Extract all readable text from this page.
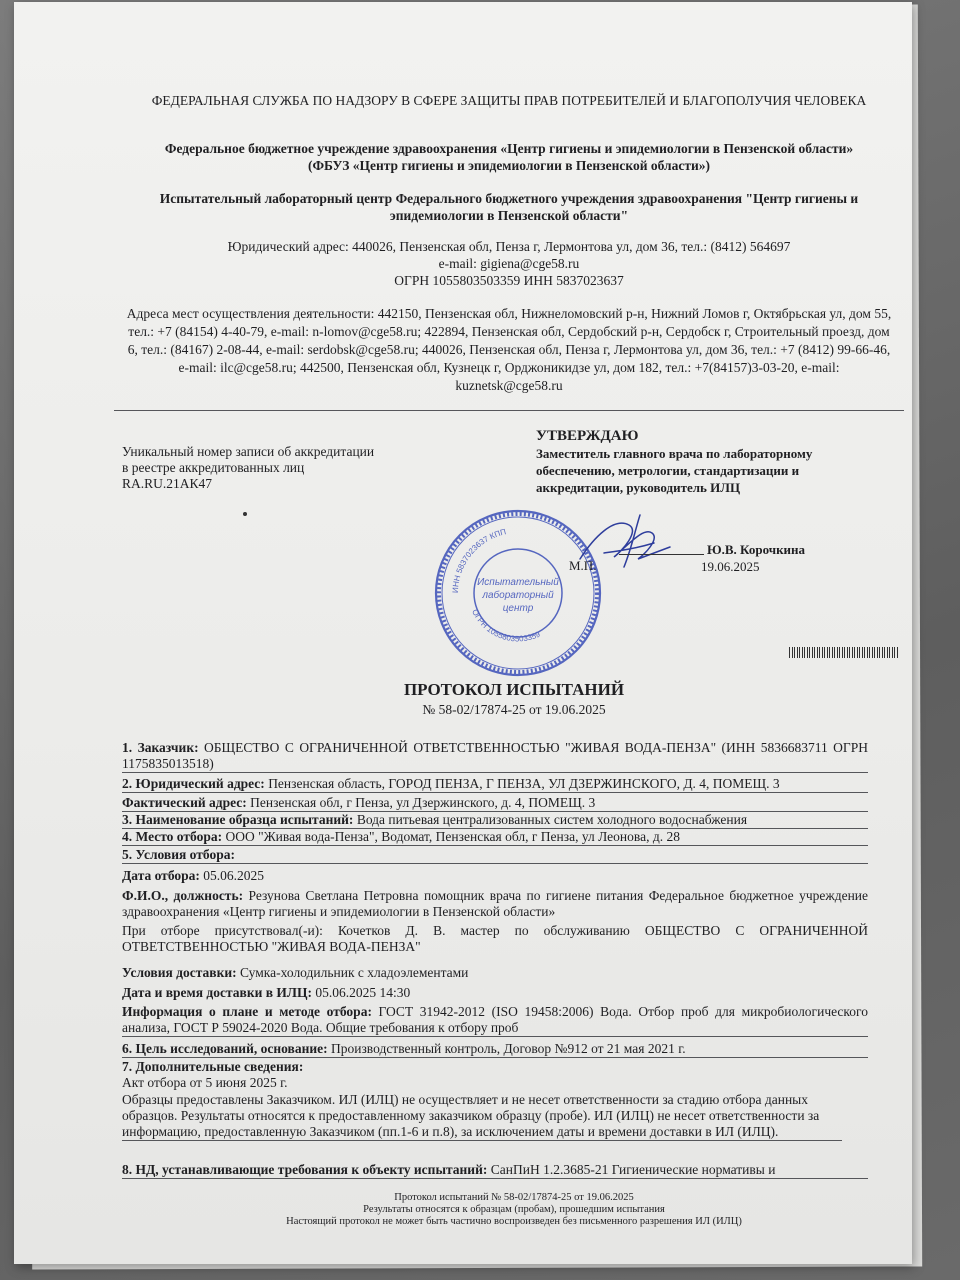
ФЕДЕРАЛЬНАЯ СЛУЖБА ПО НАДЗОРУ В СФЕРЕ ЗАЩИТЫ ПРАВ ПОТРЕБИТЕЛЕЙ И БЛАГОПОЛУЧИЯ ЧЕЛОВЕКА
Федеральное бюджетное учреждение здравоохранения «Центр гигиены и эпидемиологии в Пензенской области»
(ФБУЗ «Центр гигиены и эпидемиологии в Пензенской области»)
Испытательный лабораторный центр Федерального бюджетного учреждения здравоохранения "Центр гигиены и эпидемиологии в Пензенской области"
Юридический адрес: 440026, Пензенская обл, Пенза г, Лермонтова ул, дом 36, тел.: (8412) 564697
e-mail: gigiena@cge58.ru
ОГРН 1055803503359 ИНН 5837023637
Адреса мест осуществления деятельности: 442150, Пензенская обл, Нижнеломовский р-н, Нижний Ломов г, Октябрьская ул, дом 55, тел.: +7 (84154) 4-40-79, e-mail: n-lomov@cge58.ru; 422894, Пензенская обл, Сердобский р-н, Сердобск г, Строительный проезд, дом 6, тел.: (84167) 2-08-44, e-mail: serdobsk@cge58.ru; 440026, Пензенская обл, Пенза г, Лермонтова ул, дом 36, тел.: +7 (8412) 99-66-46, e-mail: ilc@cge58.ru; 442500, Пензенская обл, Кузнецк г, Орджоникидзе ул, дом 182, тел.: +7(84157)3-03-20, e-mail: kuznetsk@cge58.ru
Уникальный номер записи об аккредитации
в реестре аккредитованных лиц
RA.RU.21АК47
УТВЕРЖДАЮ
Заместитель главного врача по лабораторному обеспечению, метрологии, стандартизации и аккредитации, руководитель ИЛЦ
ИНН 5837023637 КПП
ОГРН 1055803503359
Испытательный
лабораторный
центр
Ю.В. Корочкина
М.П.	19.06.2025
ПРОТОКОЛ ИСПЫТАНИЙ
№ 58-02/17874-25 от 19.06.2025
1. Заказчик: ОБЩЕСТВО С ОГРАНИЧЕННОЙ ОТВЕТСТВЕННОСТЬЮ "ЖИВАЯ ВОДА-ПЕНЗА" (ИНН 5836683711 ОГРН 1175835013518)
2. Юридический адрес: Пензенская область, ГОРОД ПЕНЗА, Г ПЕНЗА, УЛ ДЗЕРЖИНСКОГО, Д. 4, ПОМЕЩ. 3
Фактический адрес: Пензенская обл, г Пенза, ул Дзержинского, д. 4, ПОМЕЩ. 3
3. Наименование образца испытаний: Вода питьевая централизованных систем холодного водоснабжения
4. Место отбора: ООО "Живая вода-Пенза", Водомат, Пензенская обл, г Пенза, ул Леонова, д. 28
5. Условия отбора:
Дата отбора: 05.06.2025
Ф.И.О., должность: Резунова Светлана Петровна помощник врача по гигиене питания Федеральное бюджетное учреждение здравоохранения «Центр гигиены и эпидемиологии в Пензенской области»
При отборе присутствовал(-и): Кочетков Д. В. мастер по обслуживанию ОБЩЕСТВО С ОГРАНИЧЕННОЙ ОТВЕТСТВЕННОСТЬЮ "ЖИВАЯ ВОДА-ПЕНЗА"
Условия доставки: Сумка-холодильник с хладоэлементами
Дата и время доставки в ИЛЦ: 05.06.2025 14:30
Информация о плане и методе отбора: ГОСТ 31942-2012 (ISO 19458:2006) Вода. Отбор проб для микробиологического анализа, ГОСТ Р 59024-2020 Вода. Общие требования к отбору проб
6. Цель исследований, основание: Производственный контроль, Договор №912 от 21 мая 2021 г.
7. Дополнительные сведения:
Акт отбора от 5 июня 2025 г.
Образцы предоставлены Заказчиком. ИЛ (ИЛЦ) не осуществляет и не несет ответственности за стадию отбора данных образцов. Результаты относятся к предоставленному заказчиком образцу (пробе). ИЛ (ИЛЦ) не несет ответственности за информацию, предоставленную Заказчиком (пп.1-6 и п.8), за исключением даты и времени доставки в ИЛ (ИЛЦ).
8. НД, устанавливающие требования к объекту испытаний: СанПиН 1.2.3685-21 Гигиенические нормативы и
Протокол испытаний № 58-02/17874-25 от 19.06.2025
Результаты относятся к образцам (пробам), прошедшим испытания
Настоящий протокол не может быть частично воспроизведен без письменного разрешения ИЛ (ИЛЦ)
